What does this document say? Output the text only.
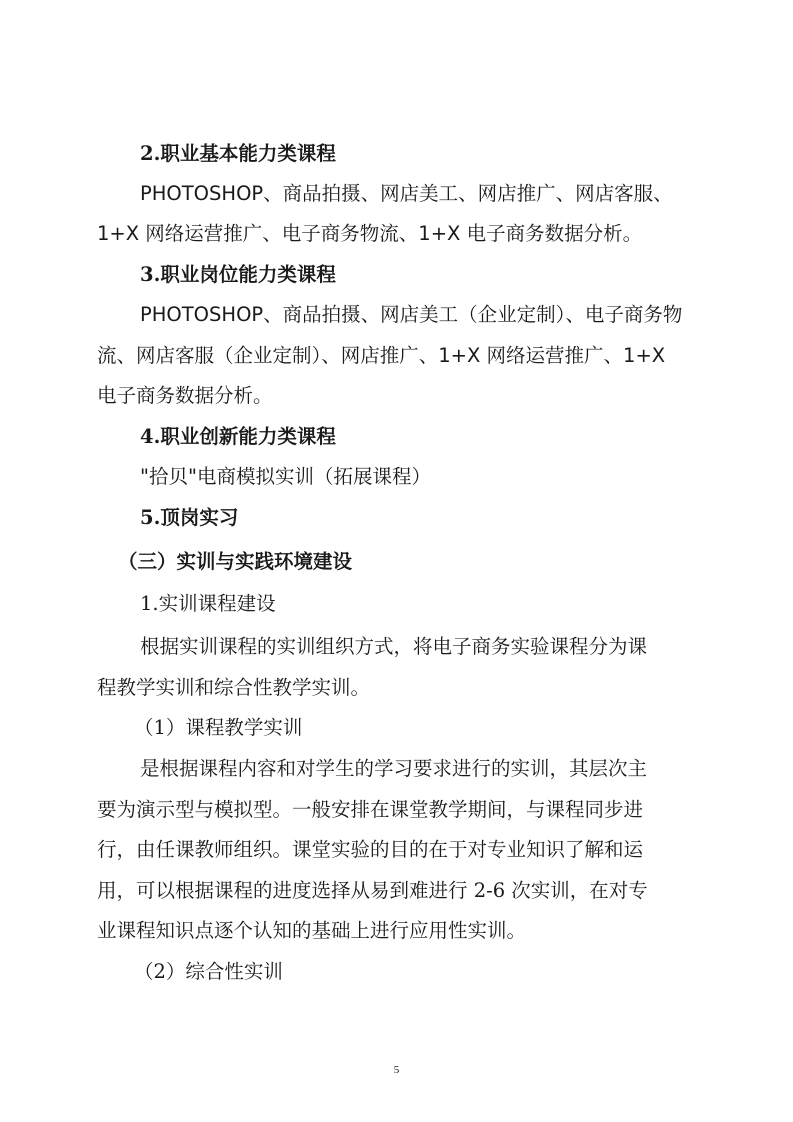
2.职业基本能力类课程
PHOTOSHOP、商品拍摄、网店美工、网店推广、网店客服、
1+X 网络运营推广、电子商务物流、1+X 电子商务数据分析。
3.职业岗位能力类课程
PHOTOSHOP、商品拍摄、网店美工（企业定制）、电子商务物
流、网店客服（企业定制）、网店推广、1+X 网络运营推广、1+X
电子商务数据分析。
4.职业创新能力类课程
"拾贝"电商模拟实训（拓展课程）
5.顶岗实习
（三）实训与实践环境建设
1.实训课程建设
根据实训课程的实训组织方式，将电子商务实验课程分为课
程教学实训和综合性教学实训。
（1）课程教学实训
是根据课程内容和对学生的学习要求进行的实训，其层次主
要为演示型与模拟型。一般安排在课堂教学期间，与课程同步进
行，由任课教师组织。课堂实验的目的在于对专业知识了解和运
用，可以根据课程的进度选择从易到难进行 2-6 次实训，在对专
业课程知识点逐个认知的基础上进行应用性实训。
（2）综合性实训
5
